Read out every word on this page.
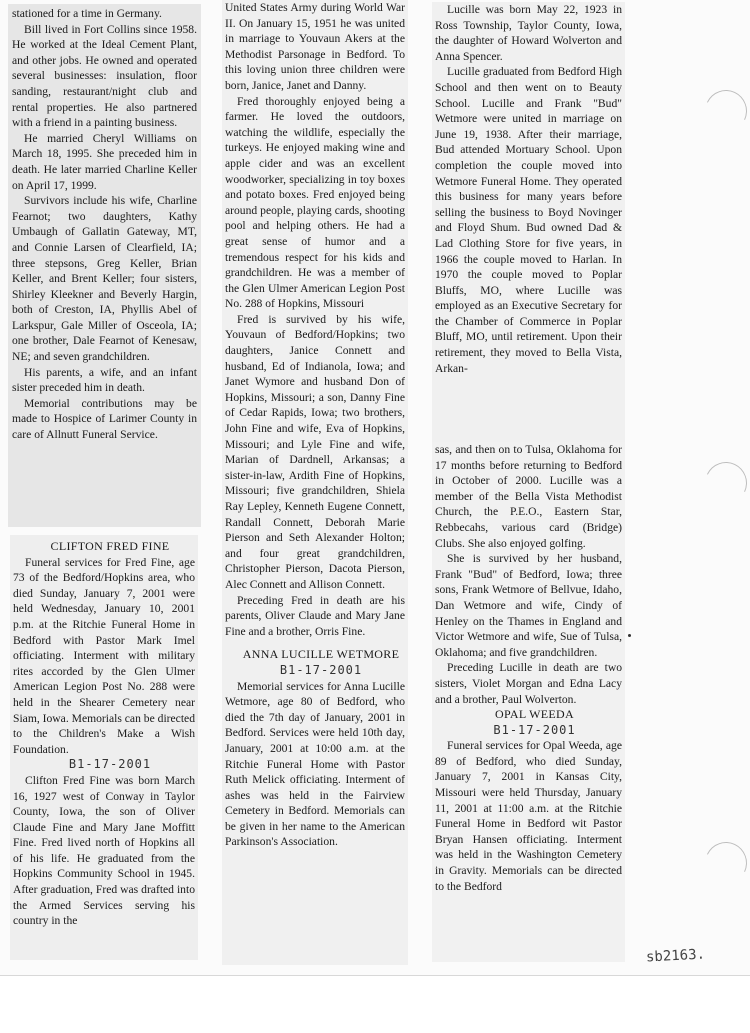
stationed for a time in Germany.

Bill lived in Fort Collins since 1958. He worked at the Ideal Cement Plant, and other jobs. He owned and operated several businesses: insulation, floor sanding, restaurant/night club and rental properties. He also partnered with a friend in a painting business.

He married Cheryl Williams on March 18, 1995. She preceded him in death. He later married Charline Keller on April 17, 1999.

Survivors include his wife, Charline Fearnot; two daughters, Kathy Umbaugh of Gallatin Gateway, MT, and Connie Larsen of Clearfield, IA; three stepsons, Greg Keller, Brian Keller, and Brent Keller; four sisters, Shirley Kleekner and Beverly Hargin, both of Creston, IA, Phyllis Abel of Larkspur, Gale Miller of Osceola, IA; one brother, Dale Fearnot of Kenesaw, NE; and seven grandchildren.

His parents, a wife, and an infant sister preceded him in death.

Memorial contributions may be made to Hospice of Larimer County in care of Allnutt Funeral Service.

CLIFTON FRED FINE

Funeral services for Fred Fine, age 73 of the Bedford/Hopkins area, who died Sunday, January 7, 2001 were held Wednesday, January 10, 2001 p.m. at the Ritchie Funeral Home in Bedford with Pastor Mark Imel officiating. Interment with military rites accorded by the Glen Ulmer American Legion Post No. 288 were held in the Shearer Cemetery near Siam, Iowa. Memorials can be directed to the Children's Make a Wish Foundation.

B1-17-2001

Clifton Fred Fine was born March 16, 1927 west of Conway in Taylor County, Iowa, the son of Oliver Claude Fine and Mary Jane Moffitt Fine. Fred lived north of Hopkins all of his life. He graduated from the Hopkins Community School in 1945. After graduation, Fred was drafted into the Armed Services serving his country in the

United States Army during World War II. On January 15, 1951 he was united in marriage to Youvaun Akers at the Methodist Parsonage in Bedford. To this loving union three children were born, Janice, Janet and Danny.

Fred thoroughly enjoyed being a farmer. He loved the outdoors, watching the wildlife, especially the turkeys. He enjoyed making wine and apple cider and was an excellent woodworker, specializing in toy boxes and potato boxes. Fred enjoyed being around people, playing cards, shooting pool and helping others. He had a great sense of humor and a tremendous respect for his kids and grandchildren. He was a member of the Glen Ulmer American Legion Post No. 288 of Hopkins, Missouri

Fred is survived by his wife, Youvaun of Bedford/Hopkins; two daughters, Janice Connett and husband, Ed of Indianola, Iowa; and Janet Wymore and husband Don of Hopkins, Missouri; a son, Danny Fine of Cedar Rapids, Iowa; two brothers, John Fine and wife, Eva of Hopkins, Missouri; and Lyle Fine and wife, Marian of Dardnell, Arkansas; a sister-in-law, Ardith Fine of Hopkins, Missouri; five grandchildren, Shiela Ray Lepley, Kenneth Eugene Connett, Randall Connett, Deborah Marie Pierson and Seth Alexander Holton; and four great grandchildren, Christopher Pierson, Dacota Pierson, Alec Connett and Allison Connett.

Preceding Fred in death are his parents, Oliver Claude and Mary Jane Fine and a brother, Orris Fine.

ANNA LUCILLE WETMORE

B1-17-2001

Memorial services for Anna Lucille Wetmore, age 80 of Bedford, who died the 7th day of January, 2001 in Bedford. Services were held 10th day, January, 2001 at 10:00 a.m. at the Ritchie Funeral Home with Pastor Ruth Melick officiating. Interment of ashes was held in the Fairview Cemetery in Bedford. Memorials can be given in her name to the American Parkinson's Association.

Lucille was born May 22, 1923 in Ross Township, Taylor County, Iowa, the daughter of Howard Wolverton and Anna Spencer.

Lucille graduated from Bedford High School and then went on to Beauty School. Lucille and Frank "Bud" Wetmore were united in marriage on June 19, 1938. After their marriage, Bud attended Mortuary School. Upon completion the couple moved into Wetmore Funeral Home. They operated this business for many years before selling the business to Boyd Novinger and Floyd Shum. Bud owned Dad & Lad Clothing Store for five years, in 1966 the couple moved to Harlan. In 1970 the couple moved to Poplar Bluffs, MO, where Lucille was employed as an Executive Secretary for the Chamber of Commerce in Poplar Bluff, MO, until retirement. Upon their retirement, they moved to Bella Vista, Arkan-

sas, and then on to Tulsa, Oklahoma for 17 months before returning to Bedford in October of 2000. Lucille was a member of the Bella Vista Methodist Church, the P.E.O., Eastern Star, Rebbecahs, various card (Bridge) Clubs. She also enjoyed golfing.

She is survived by her husband, Frank "Bud" of Bedford, Iowa; three sons, Frank Wetmore of Bellvue, Idaho, Dan Wetmore and wife, Cindy of Henley on the Thames in England and Victor Wetmore and wife, Sue of Tulsa, Oklahoma; and five grandchildren.

Preceding Lucille in death are two sisters, Violet Morgan and Edna Lacy and a brother, Paul Wolverton.

OPAL WEEDA

B1-17-2001

Funeral services for Opal Weeda, age 89 of Bedford, who died Sunday, January 7, 2001 in Kansas City, Missouri were held Thursday, January 11, 2001 at 11:00 a.m. at the Ritchie Funeral Home in Bedford wit Pastor Bryan Hansen officiating. Interment was held in the Washington Cemetery in Gravity. Memorials can be directed to the Bedford

sb2163.
